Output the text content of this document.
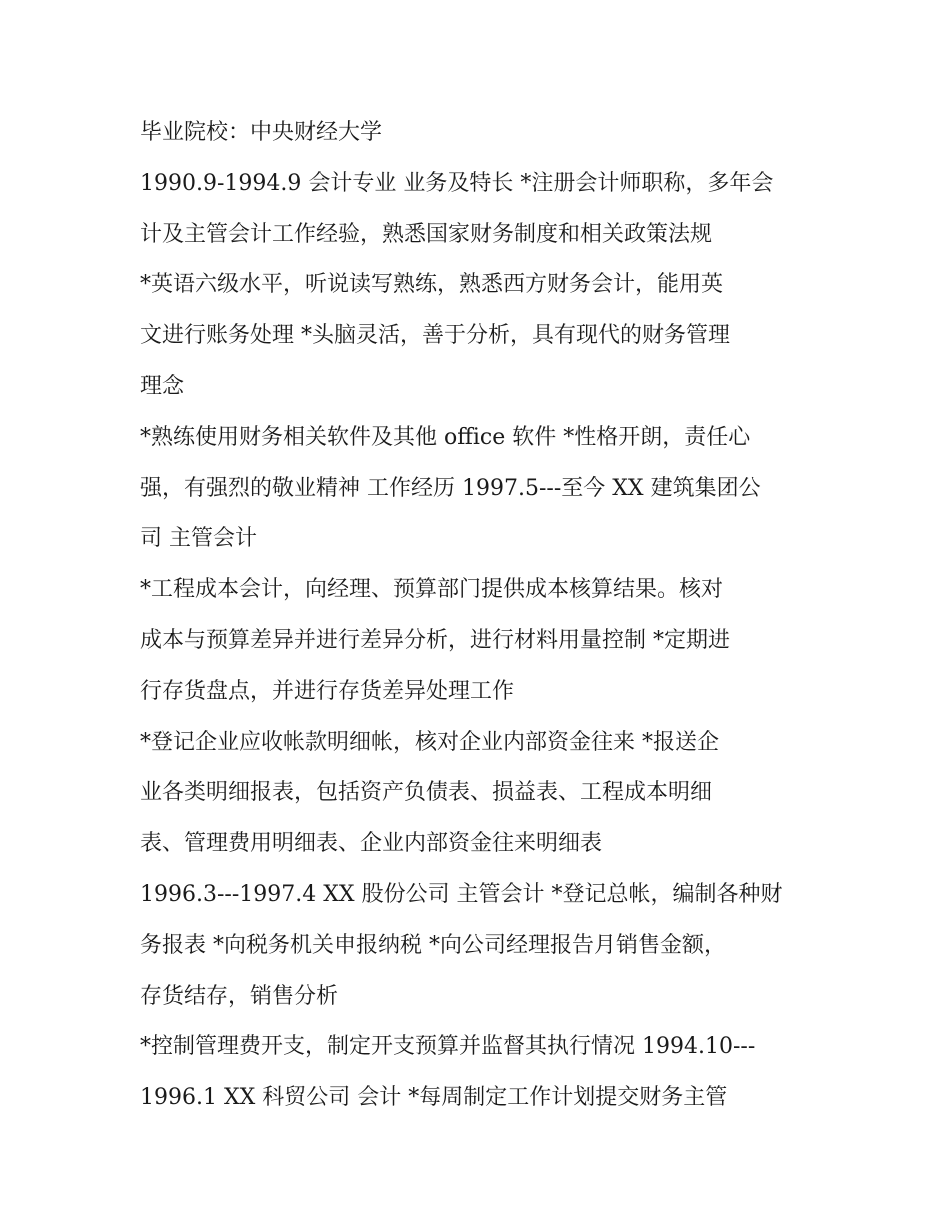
毕业院校：中央财经大学
1990.9-1994.9 会计专业 业务及特长 *注册会计师职称，多年会
计及主管会计工作经验，熟悉国家财务制度和相关政策法规
*英语六级水平，听说读写熟练，熟悉西方财务会计，能用英
文进行账务处理 *头脑灵活，善于分析，具有现代的财务管理
理念
*熟练使用财务相关软件及其他 office 软件 *性格开朗，责任心
强，有强烈的敬业精神 工作经历 1997.5---至今 XX 建筑集团公
司 主管会计
*工程成本会计，向经理、预算部门提供成本核算结果。核对
成本与预算差异并进行差异分析，进行材料用量控制 *定期进
行存货盘点，并进行存货差异处理工作
*登记企业应收帐款明细帐，核对企业内部资金往来 *报送企
业各类明细报表，包括资产负债表、损益表、工程成本明细
表、管理费用明细表、企业内部资金往来明细表
1996.3---1997.4 XX 股份公司 主管会计 *登记总帐，编制各种财
务报表 *向税务机关申报纳税 *向公司经理报告月销售金额，
存货结存，销售分析
*控制管理费开支，制定开支预算并监督其执行情况 1994.10---
1996.1 XX 科贸公司 会计 *每周制定工作计划提交财务主管
